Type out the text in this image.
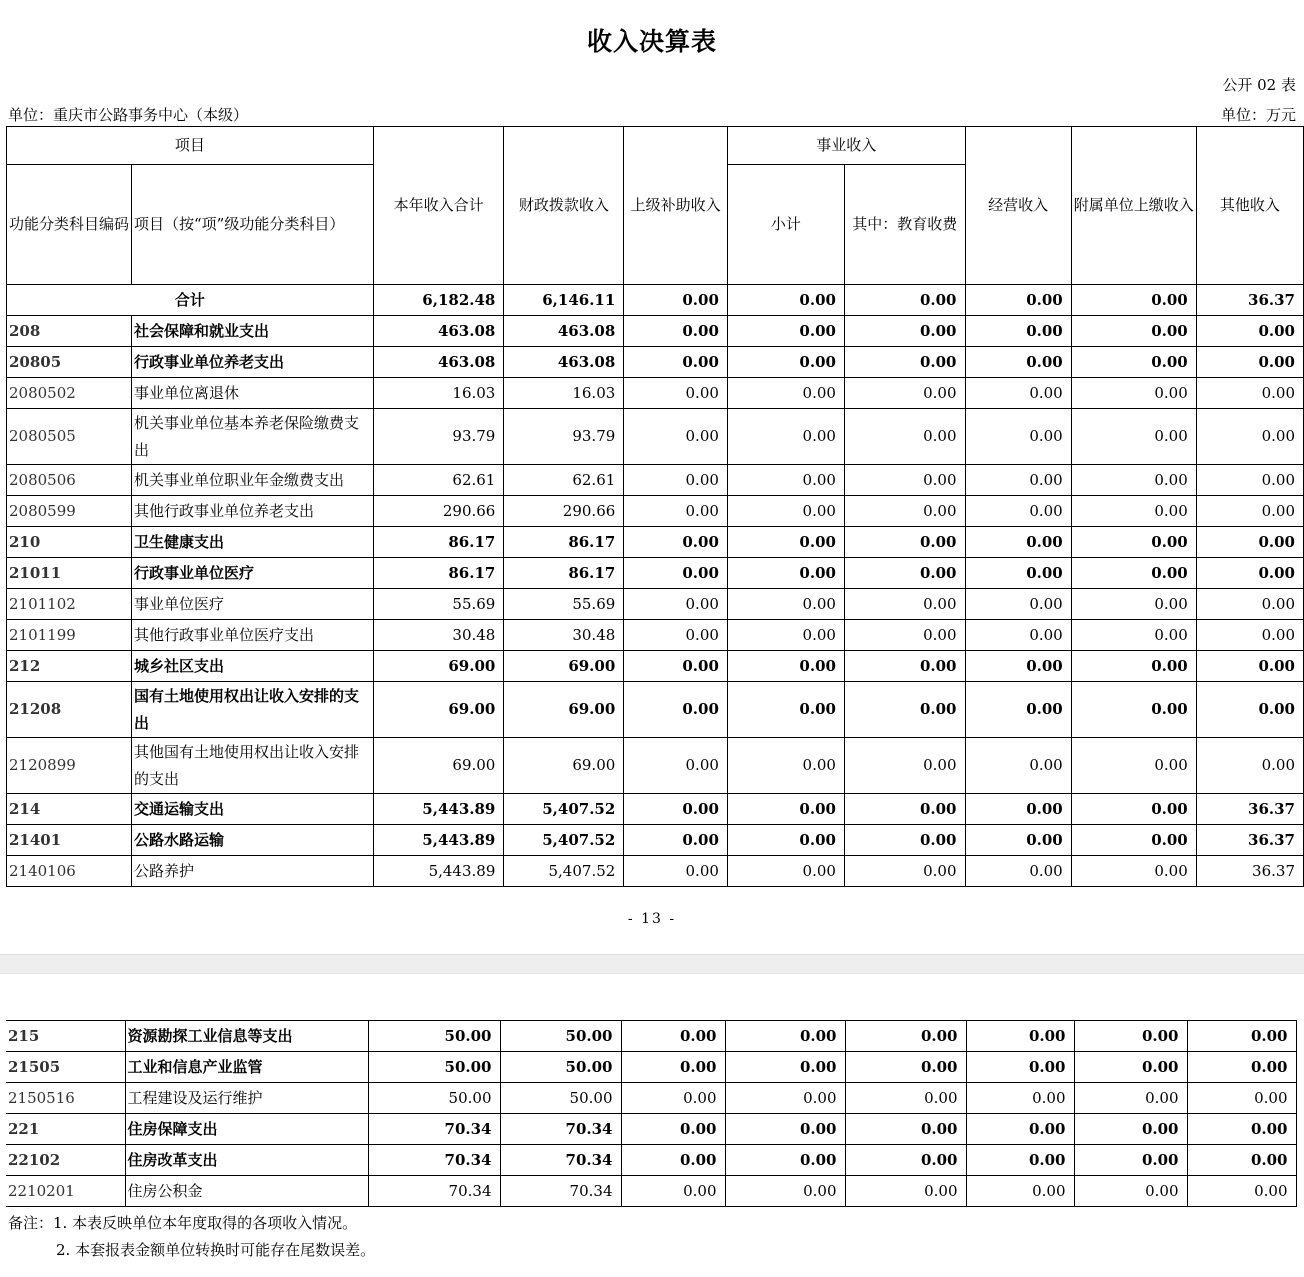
收入决算表
公开 02 表
单位：重庆市公路事务中心（本级）	单位：万元
项目		本年收入合计	财政拨款收入	上级补助收入	事业收入		经营收入	附属单位上缴收入	其他收入
功能分类科目编码	项目（按“项”级功能分类科目）				小计	其中：教育收费			
合计		6,182.48	6,146.11	0.00	0.00	0.00	0.00	0.00	36.37
208	社会保障和就业支出	463.08	463.08	0.00	0.00	0.00	0.00	0.00	0.00
20805	行政事业单位养老支出	463.08	463.08	0.00	0.00	0.00	0.00	0.00	0.00
2080502	事业单位离退休	16.03	16.03	0.00	0.00	0.00	0.00	0.00	0.00
2080505	机关事业单位基本养老保险缴费支出	93.79	93.79	0.00	0.00	0.00	0.00	0.00	0.00
2080506	机关事业单位职业年金缴费支出	62.61	62.61	0.00	0.00	0.00	0.00	0.00	0.00
2080599	其他行政事业单位养老支出	290.66	290.66	0.00	0.00	0.00	0.00	0.00	0.00
210	卫生健康支出	86.17	86.17	0.00	0.00	0.00	0.00	0.00	0.00
21011	行政事业单位医疗	86.17	86.17	0.00	0.00	0.00	0.00	0.00	0.00
2101102	事业单位医疗	55.69	55.69	0.00	0.00	0.00	0.00	0.00	0.00
2101199	其他行政事业单位医疗支出	30.48	30.48	0.00	0.00	0.00	0.00	0.00	0.00
212	城乡社区支出	69.00	69.00	0.00	0.00	0.00	0.00	0.00	0.00
21208	国有土地使用权出让收入安排的支出	69.00	69.00	0.00	0.00	0.00	0.00	0.00	0.00
2120899	其他国有土地使用权出让收入安排的支出	69.00	69.00	0.00	0.00	0.00	0.00	0.00	0.00
214	交通运输支出	5,443.89	5,407.52	0.00	0.00	0.00	0.00	0.00	36.37
21401	公路水路运输	5,443.89	5,407.52	0.00	0.00	0.00	0.00	0.00	36.37
2140106	公路养护	5,443.89	5,407.52	0.00	0.00	0.00	0.00	0.00	36.37
- 13 -
215	资源勘探工业信息等支出	50.00	50.00	0.00	0.00	0.00	0.00	0.00	0.00
21505	工业和信息产业监管	50.00	50.00	0.00	0.00	0.00	0.00	0.00	0.00
2150516	工程建设及运行维护	50.00	50.00	0.00	0.00	0.00	0.00	0.00	0.00
221	住房保障支出	70.34	70.34	0.00	0.00	0.00	0.00	0.00	0.00
22102	住房改革支出	70.34	70.34	0.00	0.00	0.00	0.00	0.00	0.00
2210201	住房公积金	70.34	70.34	0.00	0.00	0.00	0.00	0.00	0.00
备注：1. 本表反映单位本年度取得的各项收入情况。
2. 本套报表金额单位转换时可能存在尾数误差。
